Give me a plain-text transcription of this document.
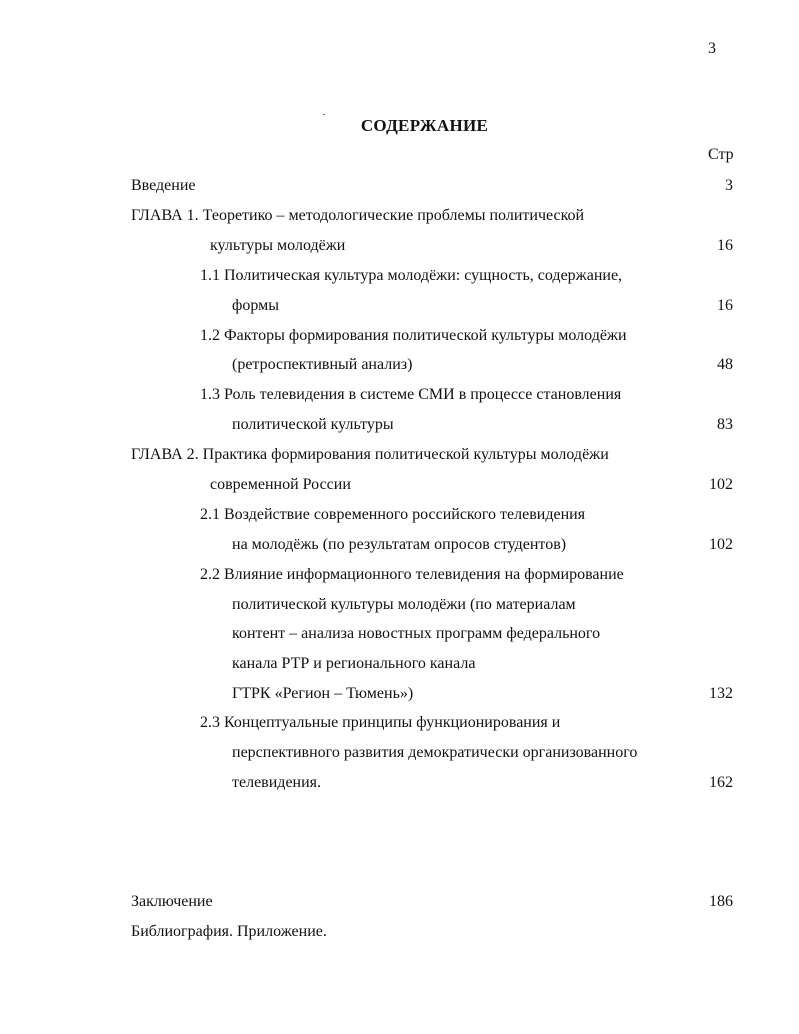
3
СОДЕРЖАНИЕ
Стр
Введение	3
ГЛАВА 1. Теоретико – методологические проблемы политической
культуры молодёжи	16
1.1 Политическая культура молодёжи: сущность, содержание,
формы	16
1.2 Факторы формирования политической культуры молодёжи
(ретроспективный анализ)	48
1.3 Роль телевидения в системе СМИ в процессе становления
политической культуры	83
ГЛАВА 2. Практика формирования политической культуры молодёжи
современной России	102
2.1 Воздействие современного российского телевидения
на молодёжь (по результатам опросов студентов)	102
2.2 Влияние информационного телевидения на формирование
политической культуры молодёжи (по материалам
контент – анализа новостных программ федерального
канала РТР и регионального канала
ГТРК «Регион – Тюмень»)	132
2.3 Концептуальные принципы функционирования и
перспективного развития демократически организованного
телевидения.	162
Заключение	186
Библиография. Приложение.
